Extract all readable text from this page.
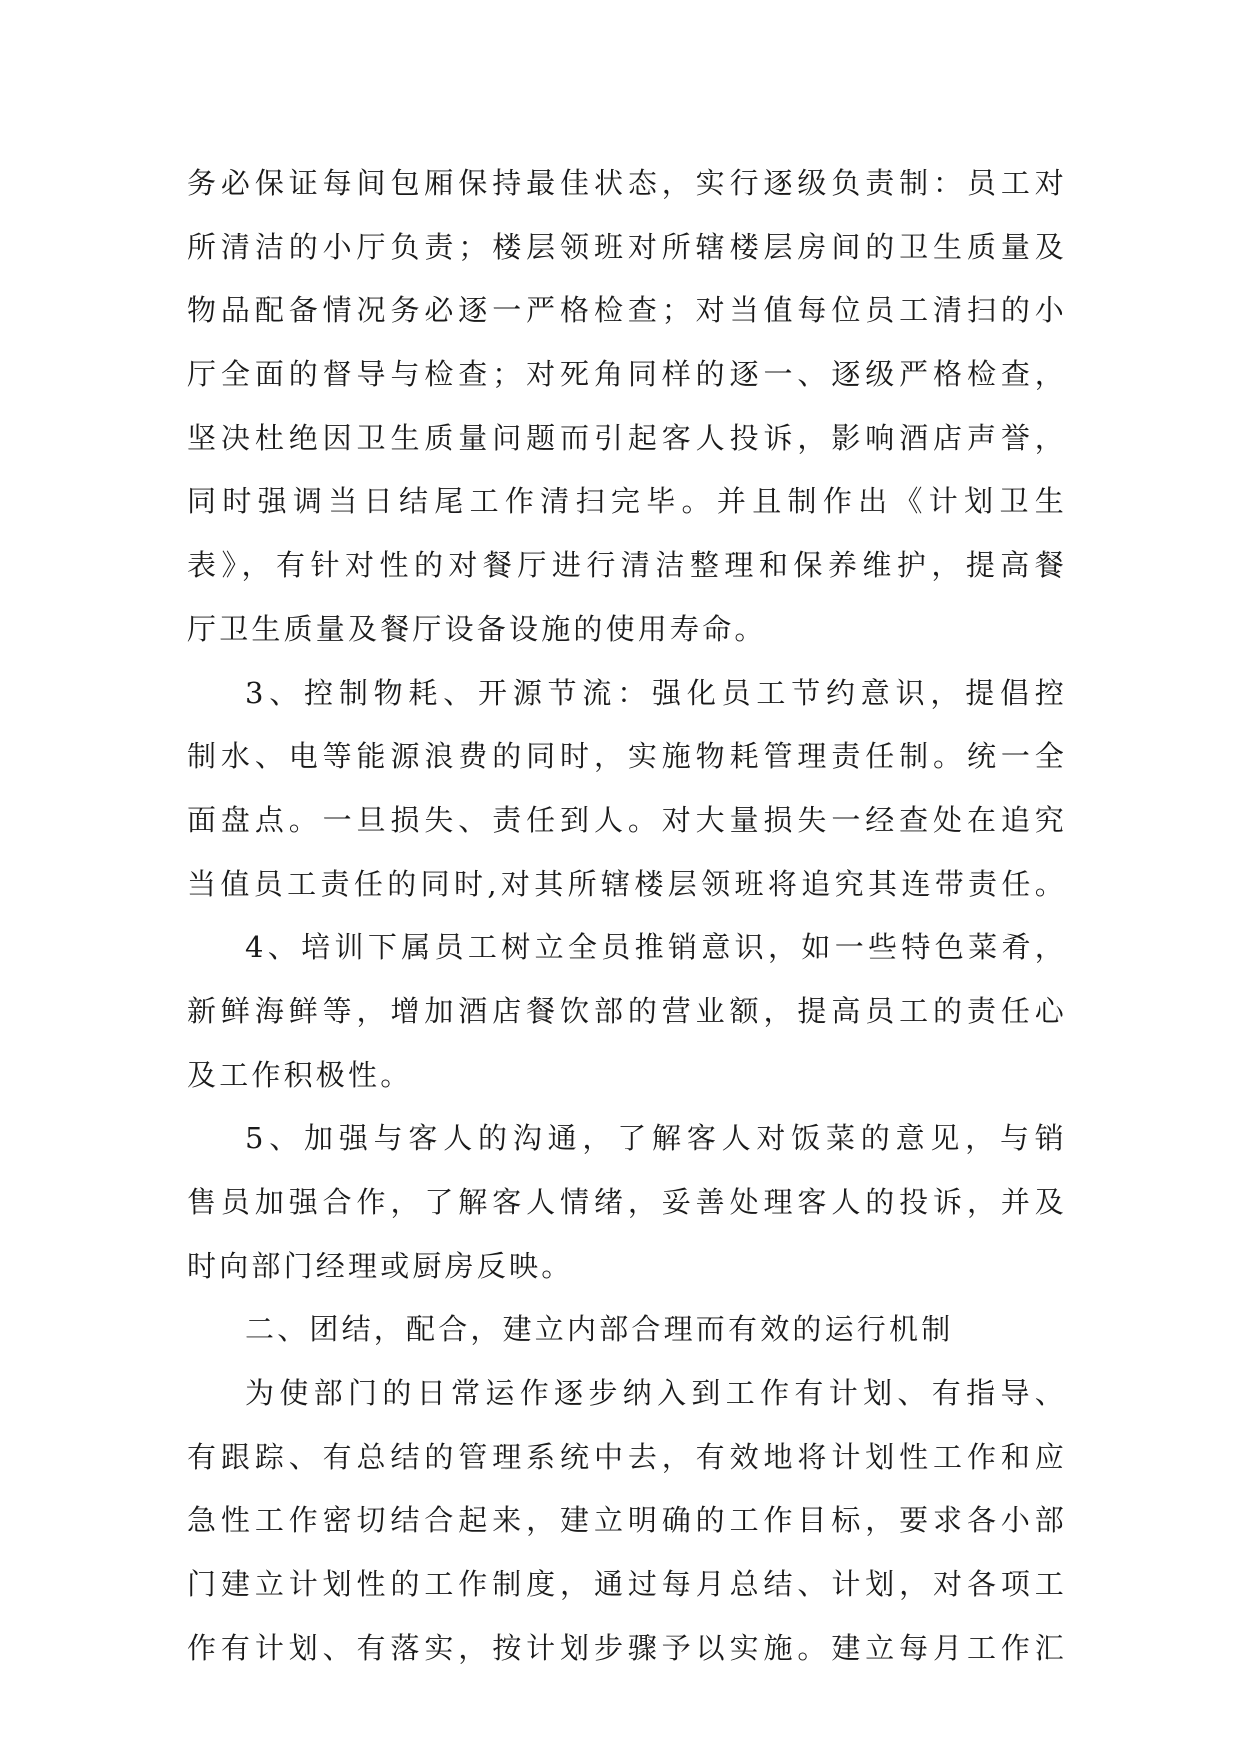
务必保证每间包厢保持最佳状态，实行逐级负责制：员工对
所清洁的小厅负责；楼层领班对所辖楼层房间的卫生质量及
物品配备情况务必逐一严格检查；对当值每位员工清扫的小
厅全面的督导与检查；对死角同样的逐一、逐级严格检查，
坚决杜绝因卫生质量问题而引起客人投诉，影响酒店声誉，
同时强调当日结尾工作清扫完毕。并且制作出《计划卫生
表》，有针对性的对餐厅进行清洁整理和保养维护，提高餐
厅卫生质量及餐厅设备设施的使用寿命。
3、控制物耗、开源节流：强化员工节约意识，提倡控
制水、电等能源浪费的同时，实施物耗管理责任制。统一全
面盘点。一旦损失、责任到人。对大量损失一经查处在追究
当值员工责任的同时,对其所辖楼层领班将追究其连带责任。
4、培训下属员工树立全员推销意识，如一些特色菜肴，
新鲜海鲜等，增加酒店餐饮部的营业额，提高员工的责任心
及工作积极性。
5、加强与客人的沟通，了解客人对饭菜的意见，与销
售员加强合作，了解客人情绪，妥善处理客人的投诉，并及
时向部门经理或厨房反映。
二、团结，配合，建立内部合理而有效的运行机制
为使部门的日常运作逐步纳入到工作有计划、有指导、
有跟踪、有总结的管理系统中去，有效地将计划性工作和应
急性工作密切结合起来，建立明确的工作目标，要求各小部
门建立计划性的工作制度，通过每月总结、计划，对各项工
作有计划、有落实，按计划步骤予以实施。建立每月工作汇
